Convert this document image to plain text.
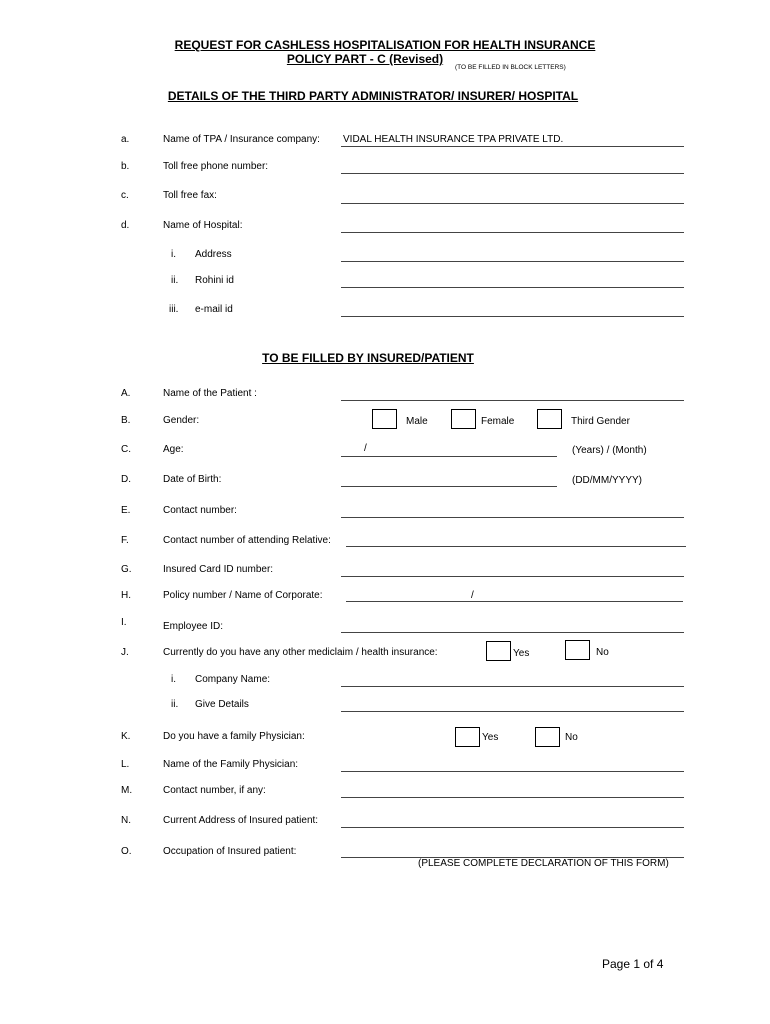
REQUEST FOR CASHLESS HOSPITALISATION FOR HEALTH INSURANCE
POLICY PART - C (Revised)
(TO BE FILLED IN BLOCK LETTERS)
DETAILS OF THE THIRD PARTY ADMINISTRATOR/ INSURER/ HOSPITAL
a.	Name of TPA / Insurance company: VIDAL HEALTH INSURANCE TPA PRIVATE LTD.
b.	Toll free phone number:
c.	Toll free fax:
d.	Name of Hospital:
i. Address
ii. Rohini id
iii. e-mail id
TO BE FILLED BY INSURED/PATIENT
A.	Name of the Patient :
B.	Gender:	Male	Female	Third Gender
C.	Age:	/	(Years) / (Month)
D.	Date of Birth:	(DD/MM/YYYY)
E.	Contact number:
F.	Contact number of attending Relative:
G.	Insured Card ID number:
H.	Policy number / Name of Corporate:	/
I.	Employee ID:
J.	Currently do you have any other mediclaim / health insurance:	Yes	No
i. Company Name:
ii. Give Details
K.	Do you have a family Physician:	Yes	No
L.	Name of the Family Physician:
M.	Contact number, if any:
N.	Current Address of Insured patient:
O.	Occupation of Insured patient:
(PLEASE COMPLETE DECLARATION OF THIS FORM)
Page 1 of 4
